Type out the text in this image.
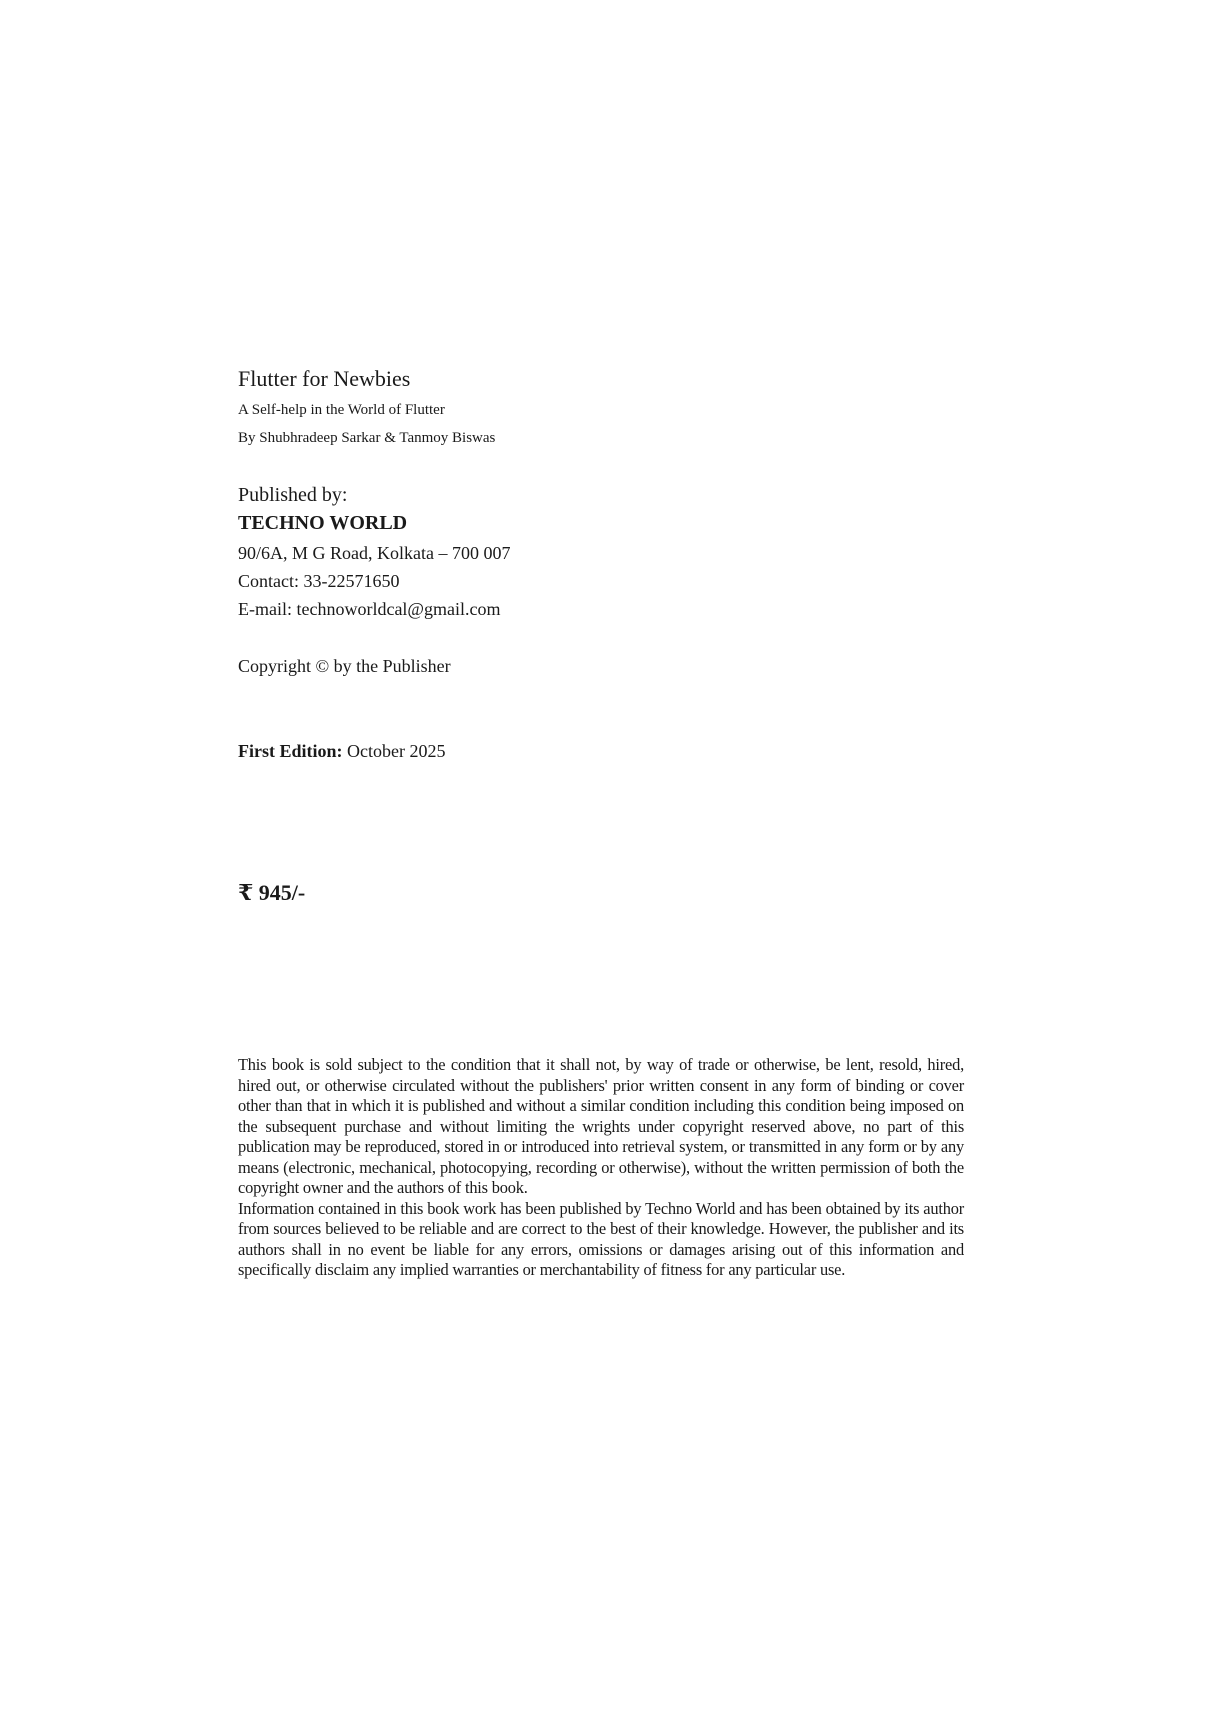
Flutter for Newbies
A Self-help in the World of Flutter
By Shubhradeep Sarkar & Tanmoy Biswas
Published by:
TECHNO WORLD
90/6A, M G Road, Kolkata – 700 007
Contact: 33-22571650
E-mail: technoworldcal@gmail.com
Copyright © by the Publisher
First Edition: October 2025
₹ 945/-

This book is sold subject to the condition that it shall not, by way of trade or otherwise, be lent, resold, hired, hired out, or otherwise circulated without the publishers' prior written consent in any form of binding or cover other than that in which it is published and without a similar condition including this condition being imposed on the subsequent purchase and without limiting the wrights under copyright reserved above, no part of this publication may be reproduced, stored in or introduced into retrieval system, or transmitted in any form or by any means (electronic, mechanical, photocopying, recording or otherwise), without the written permission of both the copyright owner and the authors of this book.

Information contained in this book work has been published by Techno World and has been obtained by its author from sources believed to be reliable and are correct to the best of their knowledge. However, the publisher and its authors shall in no event be liable for any errors, omissions or damages arising out of this information and specifically disclaim any implied warranties or merchantability of fitness for any particular use.
